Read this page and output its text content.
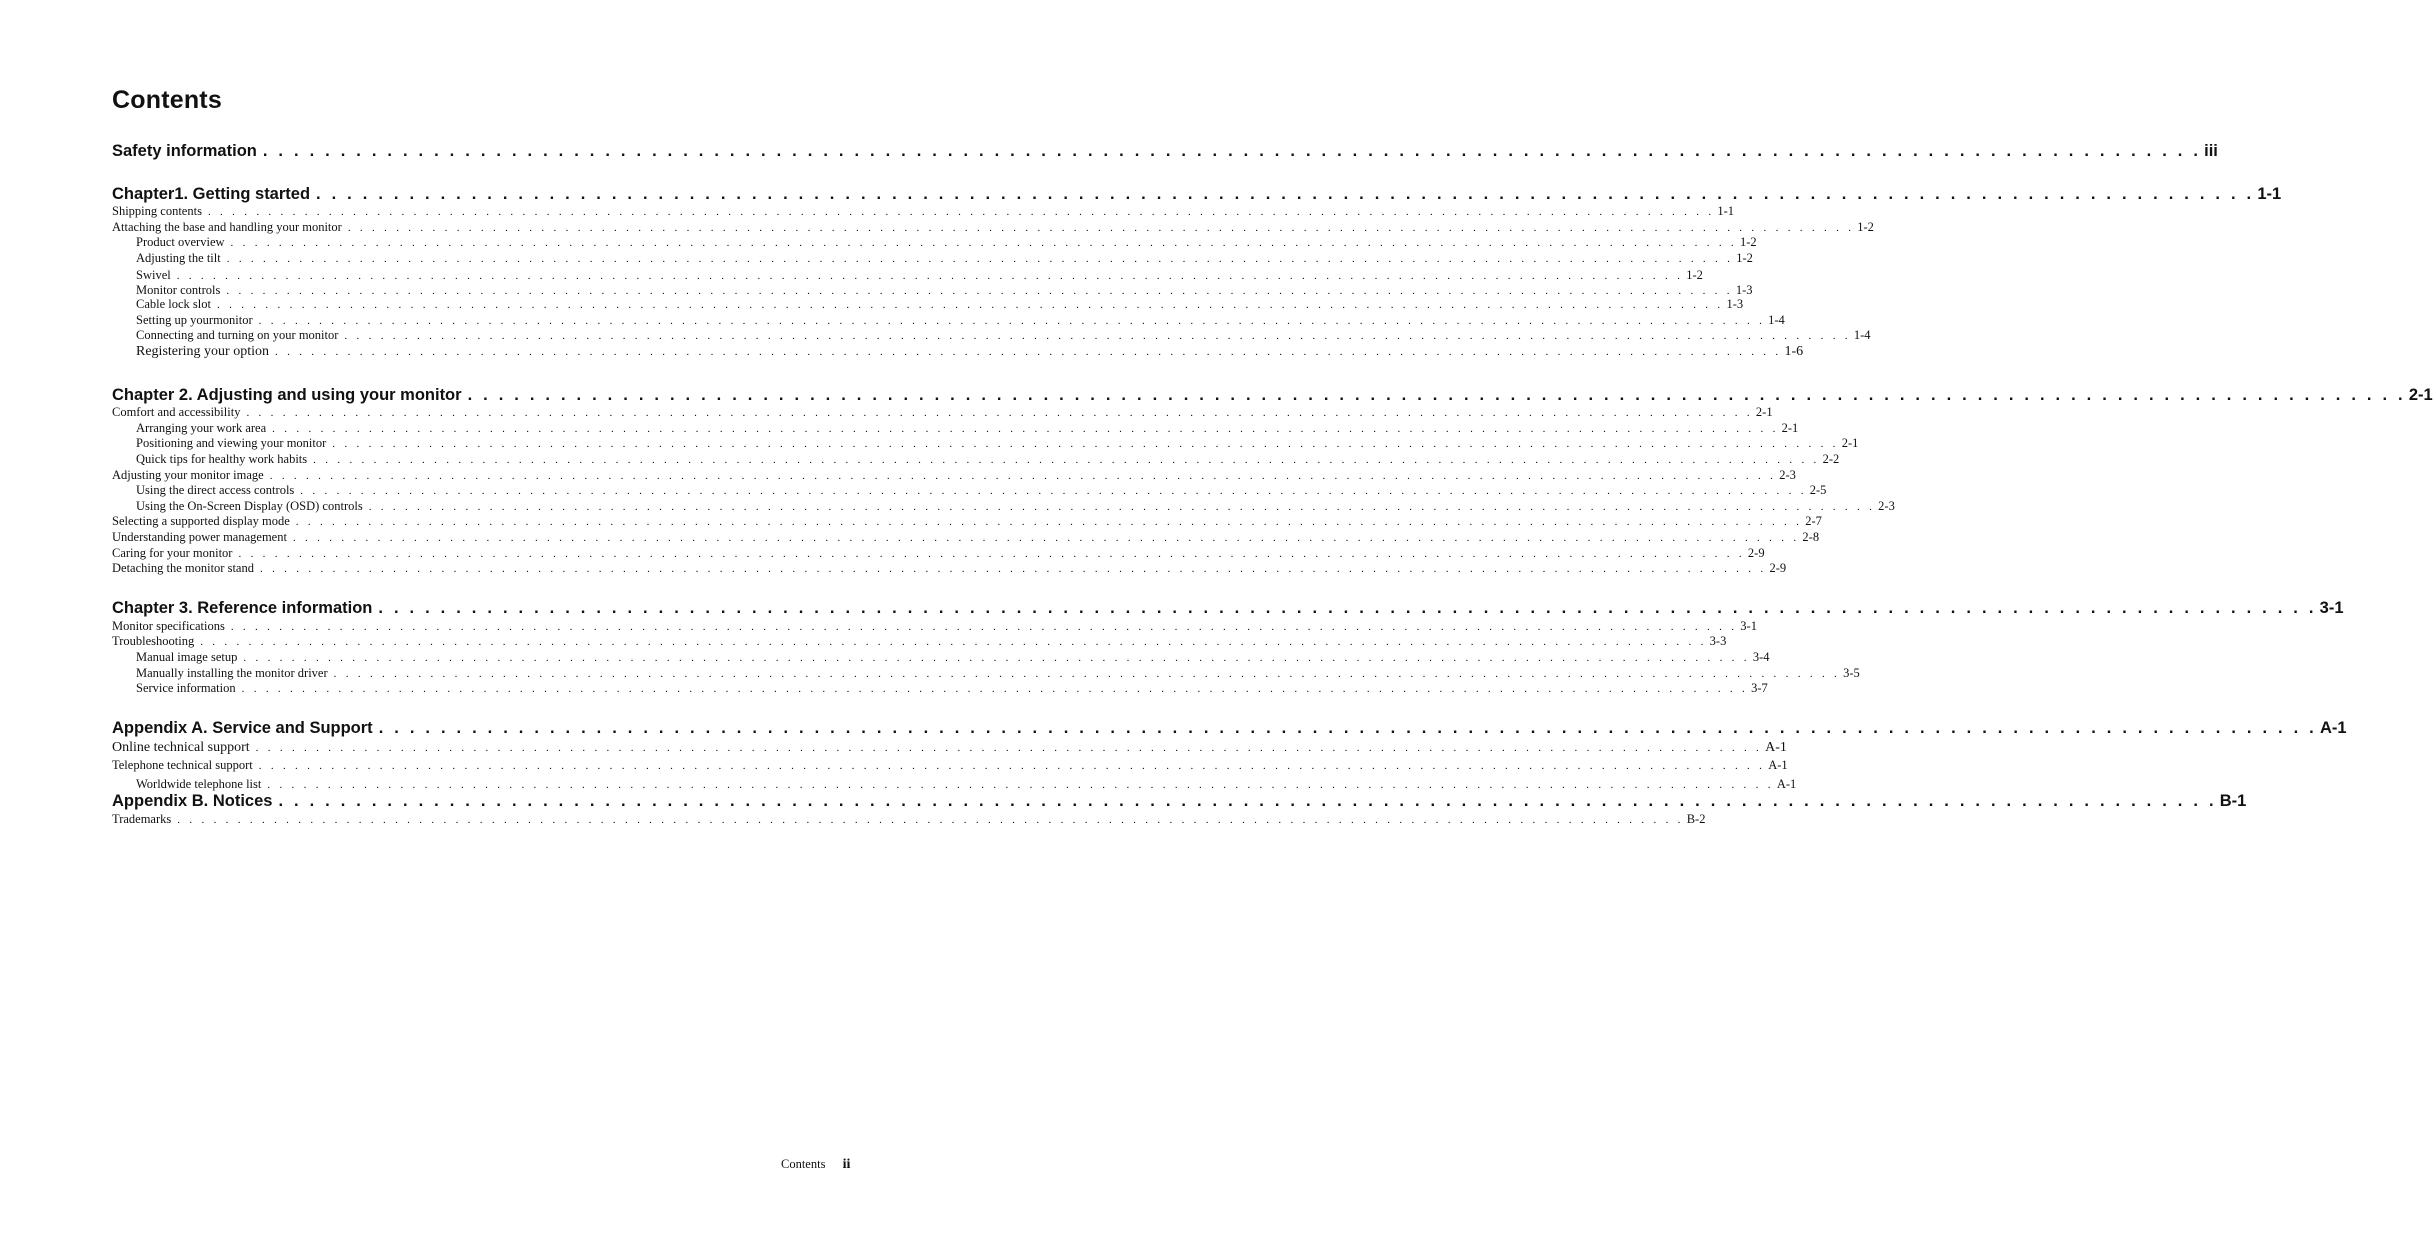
Contents
Safety information . . . . . . . . . . . . . . . . . . . . . . . . . . . . . . . . . . . . . . . . . . . . . . . . . . . . . . . . . . . . . . . . . . . . . . . . . . . . . . . . . . . . . . . . . . . . . . . . . . . . . . . . . . . . . . . . . . . . . . . . . . . . . iii
Chapter1. Getting started . . . . . . . . . . . . . . . . . . . . . . . . . . . . . . . . . . . . . . . . . . . . . . . . . . . . . . . . . . . . . . . . . . . . . . . . . . . . . . . . . . . . . . . . . . . . . . . . . . . . . . . . . . . . . . . . . . . . . . . . . . . . . 1-1
Shipping contents . . . . . . . . . . . . . . . . . . . . . . . . . . . . . . . . . . . . . . . . . . . . . . . . . . . . . . . . . . . . . . . . . . . . . . . . . . . . . . . . . . . . . . . . . . . . . . . . . . . . . . . . . . . . . . . . . . . . . . . . . . . . . 1-1
Attaching the base and handling your monitor . . . . . . . . . . . . . . . . . . . . . . . . . . . . . . . . . . . . . . . . . . . . . . . . . . . . . . . . . . . . . . . . . . . . . . . . . . . . . . . . . . . . . . . . . . . . . . . . . . . . . . . . . . . . . . . . . . . . . . . . . . . . . 1-2
Product overview . . . . . . . . . . . . . . . . . . . . . . . . . . . . . . . . . . . . . . . . . . . . . . . . . . . . . . . . . . . . . . . . . . . . . . . . . . . . . . . . . . . . . . . . . . . . . . . . . . . . . . . . . . . . . . . . . . . . . . . . . . . . . 1-2
Adjusting the tilt . . . . . . . . . . . . . . . . . . . . . . . . . . . . . . . . . . . . . . . . . . . . . . . . . . . . . . . . . . . . . . . . . . . . . . . . . . . . . . . . . . . . . . . . . . . . . . . . . . . . . . . . . . . . . . . . . . . . . . . . . . . . . 1-2
Swivel . . . . . . . . . . . . . . . . . . . . . . . . . . . . . . . . . . . . . . . . . . . . . . . . . . . . . . . . . . . . . . . . . . . . . . . . . . . . . . . . . . . . . . . . . . . . . . . . . . . . . . . . . . . . . . . . . . . . . . . . . . . . . 1-2
Monitor controls . . . . . . . . . . . . . . . . . . . . . . . . . . . . . . . . . . . . . . . . . . . . . . . . . . . . . . . . . . . . . . . . . . . . . . . . . . . . . . . . . . . . . . . . . . . . . . . . . . . . . . . . . . . . . . . . . . . . . . . . . . . . . 1-3
Cable lock slot . . . . . . . . . . . . . . . . . . . . . . . . . . . . . . . . . . . . . . . . . . . . . . . . . . . . . . . . . . . . . . . . . . . . . . . . . . . . . . . . . . . . . . . . . . . . . . . . . . . . . . . . . . . . . . . . . . . . . . . . . . . . . 1-3
Setting up yourmonitor . . . . . . . . . . . . . . . . . . . . . . . . . . . . . . . . . . . . . . . . . . . . . . . . . . . . . . . . . . . . . . . . . . . . . . . . . . . . . . . . . . . . . . . . . . . . . . . . . . . . . . . . . . . . . . . . . . . . . . . . . . . . . 1-4
Connecting and turning on your monitor . . . . . . . . . . . . . . . . . . . . . . . . . . . . . . . . . . . . . . . . . . . . . . . . . . . . . . . . . . . . . . . . . . . . . . . . . . . . . . . . . . . . . . . . . . . . . . . . . . . . . . . . . . . . . . . . . . . . . . . . . . . . . 1-4
Registering your option . . . . . . . . . . . . . . . . . . . . . . . . . . . . . . . . . . . . . . . . . . . . . . . . . . . . . . . . . . . . . . . . . . . . . . . . . . . . . . . . . . . . . . . . . . . . . . . . . . . . . . . . . . . . . . . . . . . . . . . . . . . . . 1-6
Chapter 2. Adjusting and using your monitor . . . . . . . . . . . . . . . . . . . . . . . . . . . . . . . . . . . . . . . . . . . . . . . . . . . . . . . . . . . . . . . . . . . . . . . . . . . . . . . . . . . . . . . . . . . . . . . . . . . . . . . . . . . . . . . . . . . . . . . . . . . . . 2-1
Comfort and accessibility . . . . . . . . . . . . . . . . . . . . . . . . . . . . . . . . . . . . . . . . . . . . . . . . . . . . . . . . . . . . . . . . . . . . . . . . . . . . . . . . . . . . . . . . . . . . . . . . . . . . . . . . . . . . . . . . . . . . . . . . . . . . . 2-1
Arranging your work area . . . . . . . . . . . . . . . . . . . . . . . . . . . . . . . . . . . . . . . . . . . . . . . . . . . . . . . . . . . . . . . . . . . . . . . . . . . . . . . . . . . . . . . . . . . . . . . . . . . . . . . . . . . . . . . . . . . . . . . . . . . . . 2-1
Positioning and viewing your monitor . . . . . . . . . . . . . . . . . . . . . . . . . . . . . . . . . . . . . . . . . . . . . . . . . . . . . . . . . . . . . . . . . . . . . . . . . . . . . . . . . . . . . . . . . . . . . . . . . . . . . . . . . . . . . . . . . . . . . . . . . . . . . 2-1
Quick tips for healthy work habits . . . . . . . . . . . . . . . . . . . . . . . . . . . . . . . . . . . . . . . . . . . . . . . . . . . . . . . . . . . . . . . . . . . . . . . . . . . . . . . . . . . . . . . . . . . . . . . . . . . . . . . . . . . . . . . . . . . . . . . . . . . . . 2-2
Adjusting your monitor image . . . . . . . . . . . . . . . . . . . . . . . . . . . . . . . . . . . . . . . . . . . . . . . . . . . . . . . . . . . . . . . . . . . . . . . . . . . . . . . . . . . . . . . . . . . . . . . . . . . . . . . . . . . . . . . . . . . . . . . . . . . . . 2-3
Using the direct access controls . . . . . . . . . . . . . . . . . . . . . . . . . . . . . . . . . . . . . . . . . . . . . . . . . . . . . . . . . . . . . . . . . . . . . . . . . . . . . . . . . . . . . . . . . . . . . . . . . . . . . . . . . . . . . . . . . . . . . . . . . . . . . 2-5
Using the On-Screen Display (OSD) controls . . . . . . . . . . . . . . . . . . . . . . . . . . . . . . . . . . . . . . . . . . . . . . . . . . . . . . . . . . . . . . . . . . . . . . . . . . . . . . . . . . . . . . . . . . . . . . . . . . . . . . . . . . . . . . . . . . . . . . . . . . . . . 2-3
Selecting a supported display mode . . . . . . . . . . . . . . . . . . . . . . . . . . . . . . . . . . . . . . . . . . . . . . . . . . . . . . . . . . . . . . . . . . . . . . . . . . . . . . . . . . . . . . . . . . . . . . . . . . . . . . . . . . . . . . . . . . . . . . . . . . . . . 2-7
Understanding power management . . . . . . . . . . . . . . . . . . . . . . . . . . . . . . . . . . . . . . . . . . . . . . . . . . . . . . . . . . . . . . . . . . . . . . . . . . . . . . . . . . . . . . . . . . . . . . . . . . . . . . . . . . . . . . . . . . . . . . . . . . . . . 2-8
Caring for your monitor . . . . . . . . . . . . . . . . . . . . . . . . . . . . . . . . . . . . . . . . . . . . . . . . . . . . . . . . . . . . . . . . . . . . . . . . . . . . . . . . . . . . . . . . . . . . . . . . . . . . . . . . . . . . . . . . . . . . . . . . . . . . . 2-9
Detaching the monitor stand . . . . . . . . . . . . . . . . . . . . . . . . . . . . . . . . . . . . . . . . . . . . . . . . . . . . . . . . . . . . . . . . . . . . . . . . . . . . . . . . . . . . . . . . . . . . . . . . . . . . . . . . . . . . . . . . . . . . . . . . . . . . . 2-9
Chapter 3. Reference information . . . . . . . . . . . . . . . . . . . . . . . . . . . . . . . . . . . . . . . . . . . . . . . . . . . . . . . . . . . . . . . . . . . . . . . . . . . . . . . . . . . . . . . . . . . . . . . . . . . . . . . . . . . . . . . . . . . . . . . . . . . . . 3-1
Monitor specifications . . . . . . . . . . . . . . . . . . . . . . . . . . . . . . . . . . . . . . . . . . . . . . . . . . . . . . . . . . . . . . . . . . . . . . . . . . . . . . . . . . . . . . . . . . . . . . . . . . . . . . . . . . . . . . . . . . . . . . . . . . . . . 3-1
Troubleshooting . . . . . . . . . . . . . . . . . . . . . . . . . . . . . . . . . . . . . . . . . . . . . . . . . . . . . . . . . . . . . . . . . . . . . . . . . . . . . . . . . . . . . . . . . . . . . . . . . . . . . . . . . . . . . . . . . . . . . . . . . . . . . 3-3
Manual image setup . . . . . . . . . . . . . . . . . . . . . . . . . . . . . . . . . . . . . . . . . . . . . . . . . . . . . . . . . . . . . . . . . . . . . . . . . . . . . . . . . . . . . . . . . . . . . . . . . . . . . . . . . . . . . . . . . . . . . . . . . . . . . 3-4
Manually installing the monitor driver . . . . . . . . . . . . . . . . . . . . . . . . . . . . . . . . . . . . . . . . . . . . . . . . . . . . . . . . . . . . . . . . . . . . . . . . . . . . . . . . . . . . . . . . . . . . . . . . . . . . . . . . . . . . . . . . . . . . . . . . . . . . . 3-5
Service information . . . . . . . . . . . . . . . . . . . . . . . . . . . . . . . . . . . . . . . . . . . . . . . . . . . . . . . . . . . . . . . . . . . . . . . . . . . . . . . . . . . . . . . . . . . . . . . . . . . . . . . . . . . . . . . . . . . . . . . . . . . . . 3-7
Appendix A. Service and Support . . . . . . . . . . . . . . . . . . . . . . . . . . . . . . . . . . . . . . . . . . . . . . . . . . . . . . . . . . . . . . . . . . . . . . . . . . . . . . . . . . . . . . . . . . . . . . . . . . . . . . . . . . . . . . . . . . . . . . . . . . . . . A-1
Online technical support . . . . . . . . . . . . . . . . . . . . . . . . . . . . . . . . . . . . . . . . . . . . . . . . . . . . . . . . . . . . . . . . . . . . . . . . . . . . . . . . . . . . . . . . . . . . . . . . . . . . . . . . . . . . . . . . . . . . . . . . . . . . . A-1
Telephone technical support . . . . . . . . . . . . . . . . . . . . . . . . . . . . . . . . . . . . . . . . . . . . . . . . . . . . . . . . . . . . . . . . . . . . . . . . . . . . . . . . . . . . . . . . . . . . . . . . . . . . . . . . . . . . . . . . . . . . . . . . . . . . . A-1
Worldwide telephone list . . . . . . . . . . . . . . . . . . . . . . . . . . . . . . . . . . . . . . . . . . . . . . . . . . . . . . . . . . . . . . . . . . . . . . . . . . . . . . . . . . . . . . . . . . . . . . . . . . . . . . . . . . . . . . . . . . . . . . . . . . . . . A-1
Appendix B. Notices . . . . . . . . . . . . . . . . . . . . . . . . . . . . . . . . . . . . . . . . . . . . . . . . . . . . . . . . . . . . . . . . . . . . . . . . . . . . . . . . . . . . . . . . . . . . . . . . . . . . . . . . . . . . . . . . . . . . . . . . . . . . . B-1
Trademarks . . . . . . . . . . . . . . . . . . . . . . . . . . . . . . . . . . . . . . . . . . . . . . . . . . . . . . . . . . . . . . . . . . . . . . . . . . . . . . . . . . . . . . . . . . . . . . . . . . . . . . . . . . . . . . . . . . . . . . . . . . . . . B-2
Contents ii
